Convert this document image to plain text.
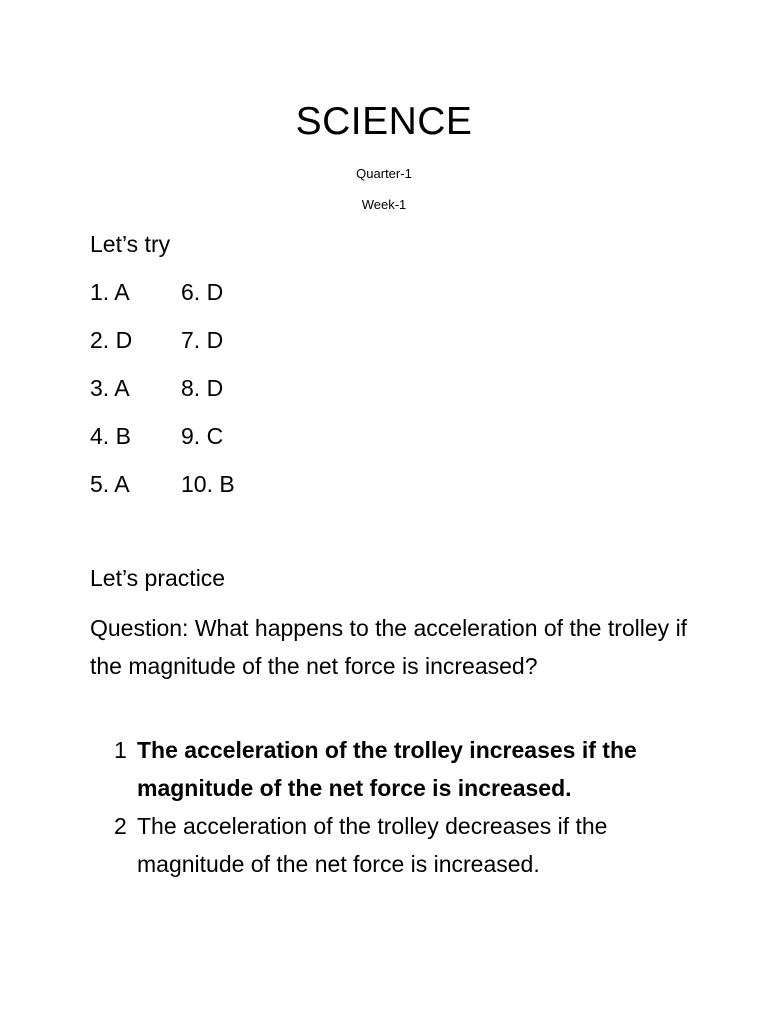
SCIENCE
Quarter-1
Week-1
Let’s try
1. A 6. D
2. D 7. D
3. A 8. D
4. B 9. C
5. A 10. B
Let’s practice
Question: What happens to the acceleration of the trolley if the magnitude of the net force is increased?
1 The acceleration of the trolley increases if the magnitude of the net force is increased.
2 The acceleration of the trolley decreases if the magnitude of the net force is increased.
